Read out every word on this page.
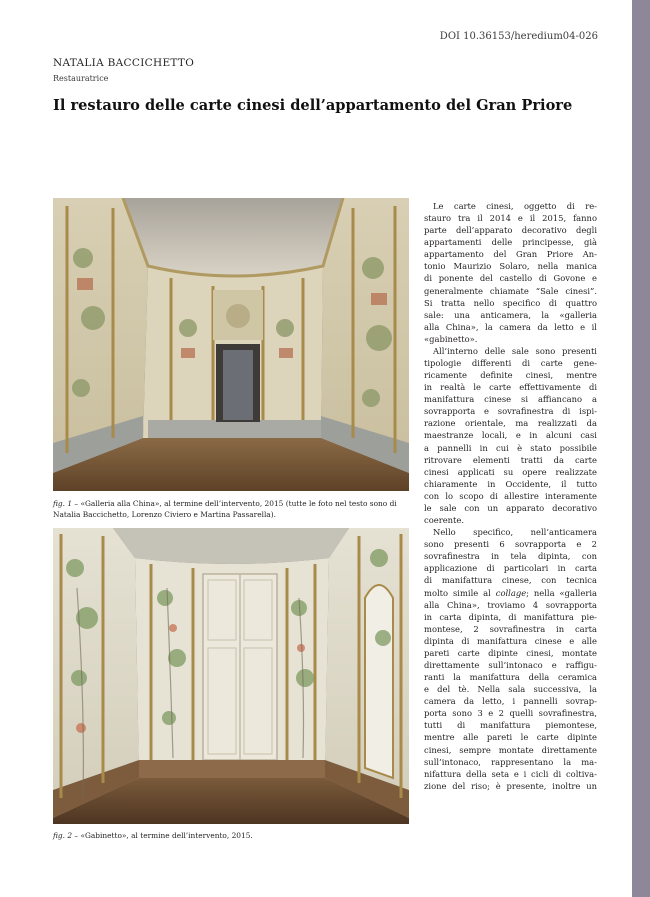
DOI 10.36153/heredium04-026
NATALIA BACCICHETTO
Restauratrice
Il restauro delle carte cinesi dell’appartamento del Gran Priore
fig. 1 – «Galleria alla China», al termine dell’intervento, 2015 (tutte le foto nel testo sono di Natalia Baccichetto, Lorenzo Civiero e Martina Passarella).
fig. 2 – «Gabinetto», al termine dell’intervento, 2015.
Le carte cinesi, oggetto di re-
stauro tra il 2014 e il 2015, fanno
parte dell’apparato decorativo degli
appartamenti delle principesse, già
appartamento del Gran Priore An-
tonio Maurizio Solaro, nella manica
di ponente del castello di Govone e
generalmente chiamate “Sale cinesi”.
Si tratta nello specifico di quattro
sale: una anticamera, la «galleria
alla China», la camera da letto e il
«gabinetto».
All’interno delle sale sono presenti
tipologie differenti di carte gene-
ricamente definite cinesi, mentre
in realtà le carte effettivamente di
manifattura cinese si affiancano a
sovrapporta e sovrafinestra di ispi-
razione orientale, ma realizzati da
maestranze locali, e in alcuni casi
a pannelli in cui è stato possibile
ritrovare elementi tratti da carte
cinesi applicati su opere realizzate
chiaramente in Occidente, il tutto
con lo scopo di allestire interamente
le sale con un apparato decorativo
coerente.
Nello specifico, nell’anticamera
sono presenti 6 sovrapporta e 2
sovrafinestra in tela dipinta, con
applicazione di particolari in carta
di manifattura cinese, con tecnica
molto simile al collage; nella «galleria
alla China», troviamo 4 sovrapporta
in carta dipinta, di manifattura pie-
montese, 2 sovrafinestra in carta
dipinta di manifattura cinese e alle
pareti carte dipinte cinesi, montate
direttamente sull’intonaco e raffigu-
ranti la manifattura della ceramica
e del tè. Nella sala successiva, la
camera da letto, i pannelli sovrap-
porta sono 3 e 2 quelli sovrafinestra,
tutti di manifattura piemontese,
mentre alle pareti le carte dipinte
cinesi, sempre montate direttamente
sull’intonaco, rappresentano la ma-
nifattura della seta e i cicli di coltiva-
zione del riso; è presente, inoltre un
